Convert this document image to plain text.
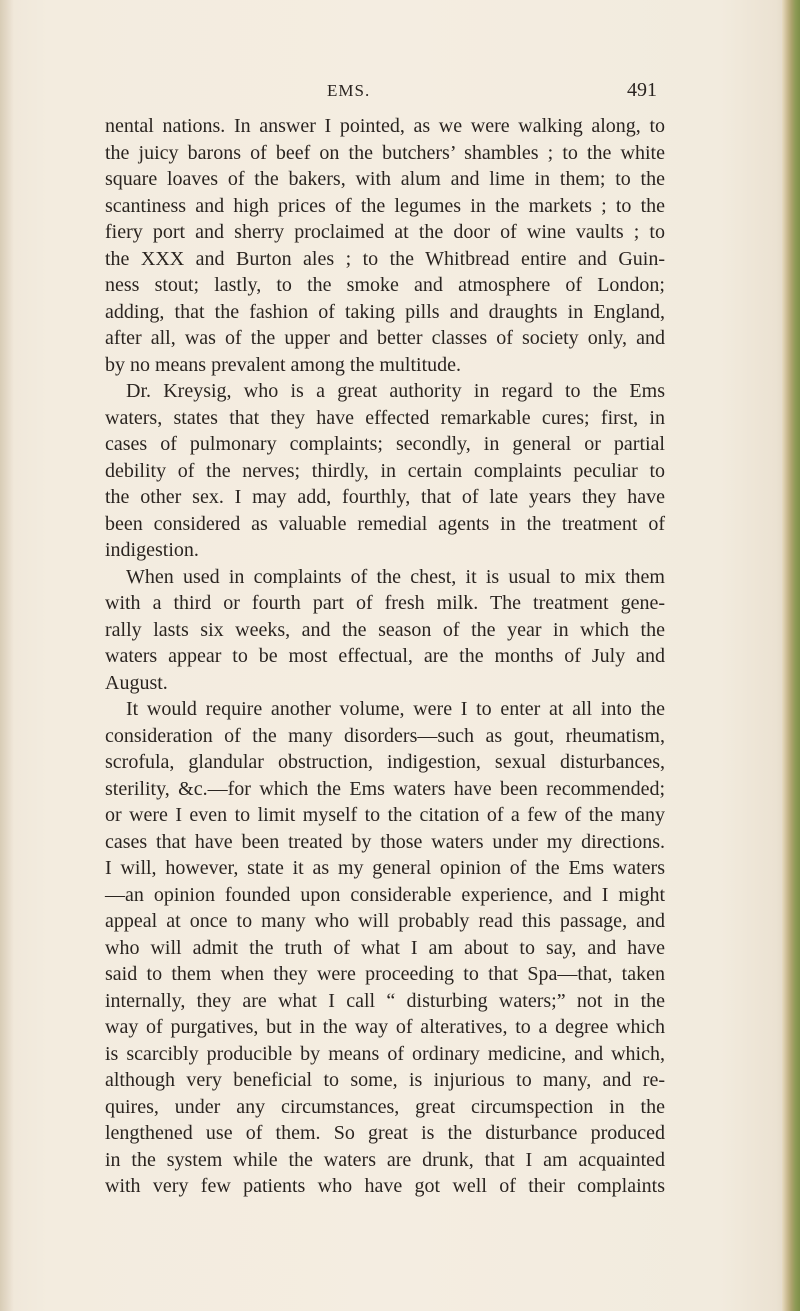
EMS.	491
nental nations. In answer I pointed, as we were walking along, to
the juicy barons of beef on the butchers’ shambles ; to the white
square loaves of the bakers, with alum and lime in them; to the
scantiness and high prices of the legumes in the markets ; to the
fiery port and sherry proclaimed at the door of wine vaults ; to
the XXX and Burton ales ; to the Whitbread entire and Guin-
ness stout; lastly, to the smoke and atmosphere of London;
adding, that the fashion of taking pills and draughts in England,
after all, was of the upper and better classes of society only, and
by no means prevalent among the multitude.
Dr. Kreysig, who is a great authority in regard to the Ems
waters, states that they have effected remarkable cures; first, in
cases of pulmonary complaints; secondly, in general or partial
debility of the nerves; thirdly, in certain complaints peculiar to
the other sex. I may add, fourthly, that of late years they have
been considered as valuable remedial agents in the treatment of
indigestion.
When used in complaints of the chest, it is usual to mix them
with a third or fourth part of fresh milk. The treatment gene-
rally lasts six weeks, and the season of the year in which the
waters appear to be most effectual, are the months of July and
August.
It would require another volume, were I to enter at all into the
consideration of the many disorders—such as gout, rheumatism,
scrofula, glandular obstruction, indigestion, sexual disturbances,
sterility, &c.—for which the Ems waters have been recommended;
or were I even to limit myself to the citation of a few of the many
cases that have been treated by those waters under my directions.
I will, however, state it as my general opinion of the Ems waters
—an opinion founded upon considerable experience, and I might
appeal at once to many who will probably read this passage, and
who will admit the truth of what I am about to say, and have
said to them when they were proceeding to that Spa—that, taken
internally, they are what I call “ disturbing waters;” not in the
way of purgatives, but in the way of alteratives, to a degree which
is scarcibly producible by means of ordinary medicine, and which,
although very beneficial to some, is injurious to many, and re-
quires, under any circumstances, great circumspection in the
lengthened use of them. So great is the disturbance produced
in the system while the waters are drunk, that I am acquainted
with very few patients who have got well of their complaints
